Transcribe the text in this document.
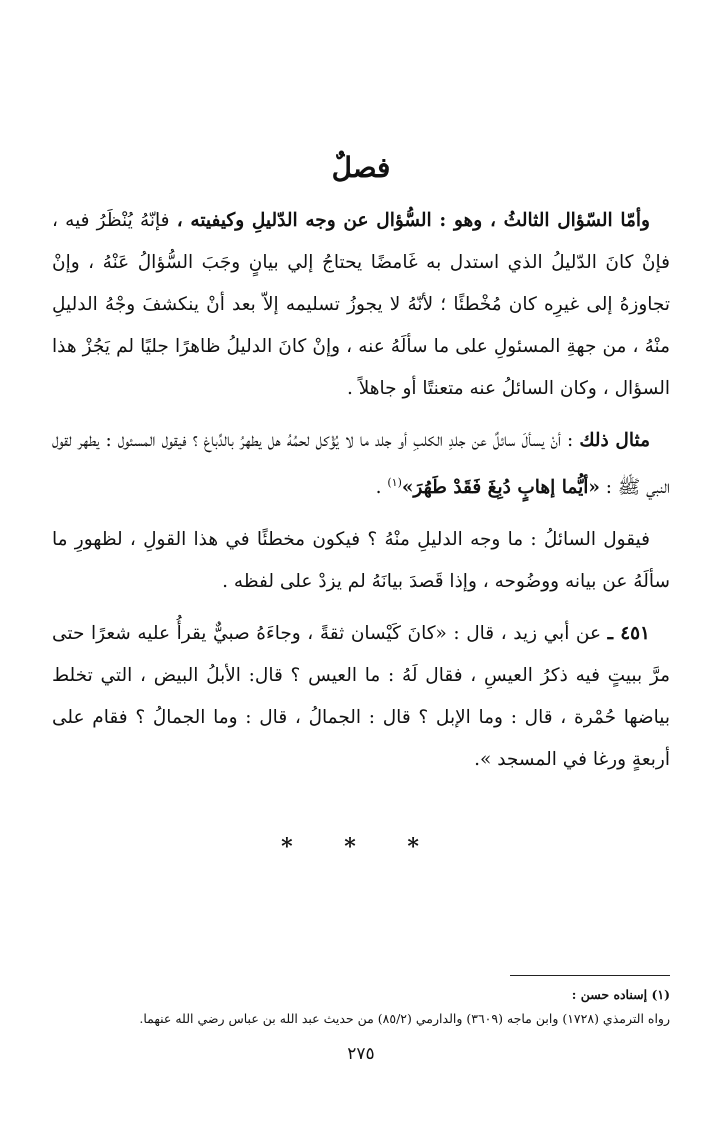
فصلٌ

وأمّا السّؤال الثالثُ ، وهو : السُّؤال عن وجه الدّليلِ وكيفيته ، فإنّهُ يُنْظَرُ فيه ، فإنْ كانَ الدّليلُ الذي استدل به غَامضًا يحتاجُ إلي بيانٍ وجَبَ السُّؤالُ عَنْهُ ، وإنْ تجاوزهُ إلى غيرِه كان مُخْطئًا ؛ لأنّهُ لا يجوزُ تسليمه إلاّ بعد أنْ ينكشفَ وجْهُ الدليلِ منْهُ ، من جهةِ المسئولِ على ما سألَهُ عنه ، وإنْ كانَ الدليلُ ظاهرًا جليًا لم يَجُزْ هذا السؤال ، وكان السائلُ عنه متعنتًا أو جاهلاً .

مثال ذلك : أنْ يسألَ سائلٌ عن جلدِ الكلبِ أو جلد ما لا يُؤْكل لحمُهُ هل يطهرُ بالدِّباغ ؟ فيقول المسئول : يطهر لقول النبي ﷺ : «أيُّما إهابٍ دُبِغَ فَقَدْ طَهُرَ»$^{(١)}$ .

فيقول السائلُ : ما وجه الدليلِ منْهُ ؟ فيكون مخطئًا في هذا القولِ ، لظهورِ ما سألَهُ عن بيانه ووضُوحه ، وإذا قَصدَ بيانَهُ لم يزدْ على لفظه .

٤٥١ ـ عن أبي زيد ، قال : «كانَ كَيْسان ثقةً ، وجاءَهُ صبيٌّ يقرأُ عليه شعرًا حتى مرَّ ببيتٍ فيه ذكرُ العيسِ ، فقال لَهُ : ما العيس ؟ قال: الأبلُ البيض ، التي تخلط بياضها حُمْرة ، قال : وما الإبل ؟ قال : الجمالُ ، قال : وما الجمالُ ؟ فقام على أربعةٍ ورغا في المسجد ».

* * *
(١) إسناده حسن :
رواه الترمذي (١٧٢٨) وابن ماجه (٣٦٠٩) والدارمي (٨٥/٢) من حديث عبد الله بن عباس رضي الله عنهما.
٢٧٥
